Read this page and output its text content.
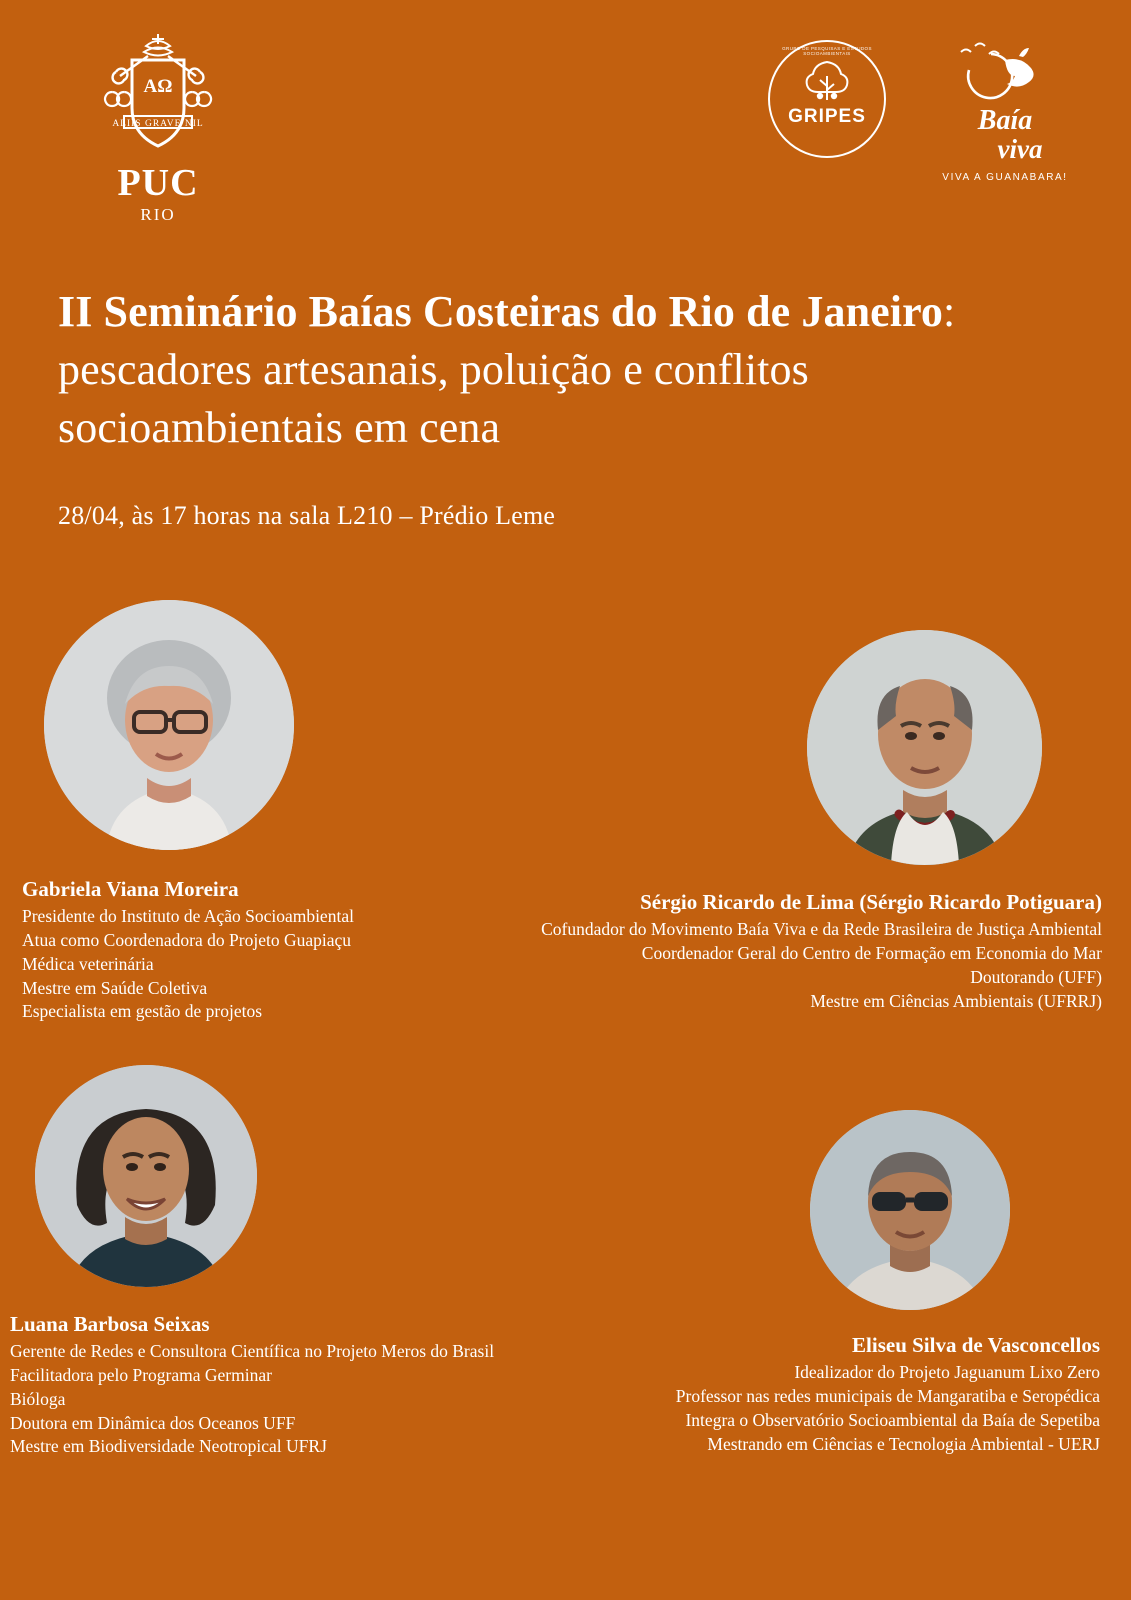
AΩ
ALIIS GRAVE NIL
PUC
RIO
GRUPO DE PESQUISAS E ESTUDOS SOCIOAMBIENTAIS
GRIPES	Baía
viva
VIVA A GUANABARA!
II Seminário Baías Costeiras do Rio de Janeiro: pescadores artesanais, poluição e conflitos socioambientais em cena
28/04, às 17 horas na sala L210 – Prédio Leme
Gabriela Viana Moreira
Presidente do Instituto de Ação Socioambiental
Atua como Coordenadora do Projeto Guapiaçu
Médica veterinária
Mestre em Saúde Coletiva
Especialista em gestão de projetos
Sérgio Ricardo de Lima (Sérgio Ricardo Potiguara)
Cofundador do Movimento Baía Viva e da Rede Brasileira de Justiça Ambiental
Coordenador Geral do Centro de Formação em Economia do Mar
Doutorando (UFF)
Mestre em Ciências Ambientais (UFRRJ)
Luana Barbosa Seixas
Gerente de Redes e Consultora Científica no Projeto Meros do Brasil
Facilitadora pelo Programa Germinar
Bióloga
Doutora em Dinâmica dos Oceanos UFF
Mestre em Biodiversidade Neotropical UFRJ
Eliseu Silva de Vasconcellos
Idealizador do Projeto Jaguanum Lixo Zero
Professor nas redes municipais de Mangaratiba e Seropédica
Integra o Observatório Socioambiental da Baía de Sepetiba
Mestrando em Ciências e Tecnologia Ambiental - UERJ
